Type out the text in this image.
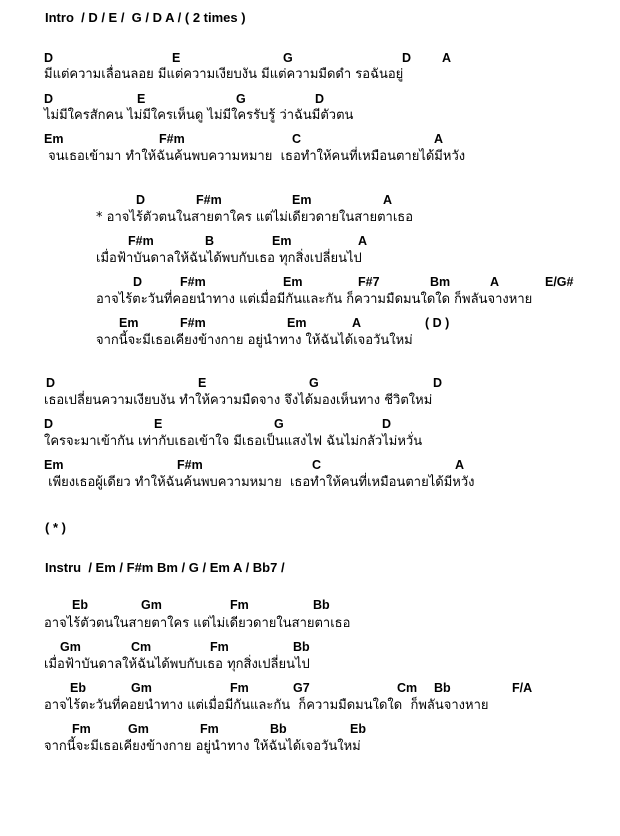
Intro  / D / E /  G / D A / ( 2 times )

D

	E

	G

	D

A

มีแต่ความเลื่อนลอย มีแต่ความเงียบงัน มีแต่ความมืดดำ รอฉันอยู่

D

	E

	G

	D

ไม่มีใครสักคน ไม่มีใครเห็นดู ไม่มีใครรับรู้ ว่าฉันมีตัวตน

Em

	F#m

	C

	A

จนเธอเข้ามา ทำให้ฉันค้นพบความหมาย  เธอทำให้คนที่เหมือนตายได้มีหวัง

D

	F#m

	Em

	A

* อาจไร้ตัวตนในสายตาใคร แต่ไม่เดียวดายในสายตาเธอ

F#m

	B

	Em

	A

เมื่อฟ้าบันดาลให้ฉันได้พบกับเธอ ทุกสิ่งเปลี่ยนไป

D

	F#m

	Em

	F#7

	Bm

	A

	E/G#

อาจไร้ตะวันที่คอยนำทาง แต่เมื่อมีกันและกัน ก็ความมืดมนใดใด ก็พลันจางหาย

Em

	F#m

	Em

	A

	( D )

จากนี้จะมีเธอเคียงข้างกาย อยู่นำทาง ให้ฉันได้เจอวันใหม่

D

	E

	G

	D

เธอเปลี่ยนความเงียบงัน ทำให้ความมืดจาง จึงได้มองเห็นทาง ชีวิตใหม่

D

	E

	G

	D

ใครจะมาเข้ากัน เท่ากับเธอเข้าใจ มีเธอเป็นแสงไฟ ฉันไม่กลัวไม่หวั่น

Em

	F#m

	C

	A

เพียงเธอผู้เดียว ทำให้ฉันค้นพบความหมาย  เธอทำให้คนที่เหมือนตายได้มีหวัง
( * )
Instru  / Em / F#m Bm / G / Em A / Bb7 /

Eb

	Gm

	Fm

	Bb

อาจไร้ตัวตนในสายตาใคร แต่ไม่เดียวดายในสายตาเธอ

Gm

	Cm

	Fm

	Bb

เมื่อฟ้าบันดาลให้ฉันได้พบกับเธอ ทุกสิ่งเปลี่ยนไป

Eb

	Gm

	Fm

	G7

	Cm

Bb

	F/A

อาจไร้ตะวันที่คอยนำทาง แต่เมื่อมีกันและกัน  ก็ความมืดมนใดใด  ก็พลันจางหาย

Fm

	Gm

	Fm

	Bb

	Eb

จากนี้จะมีเธอเคียงข้างกาย อยู่นำทาง ให้ฉันได้เจอวันใหม่
